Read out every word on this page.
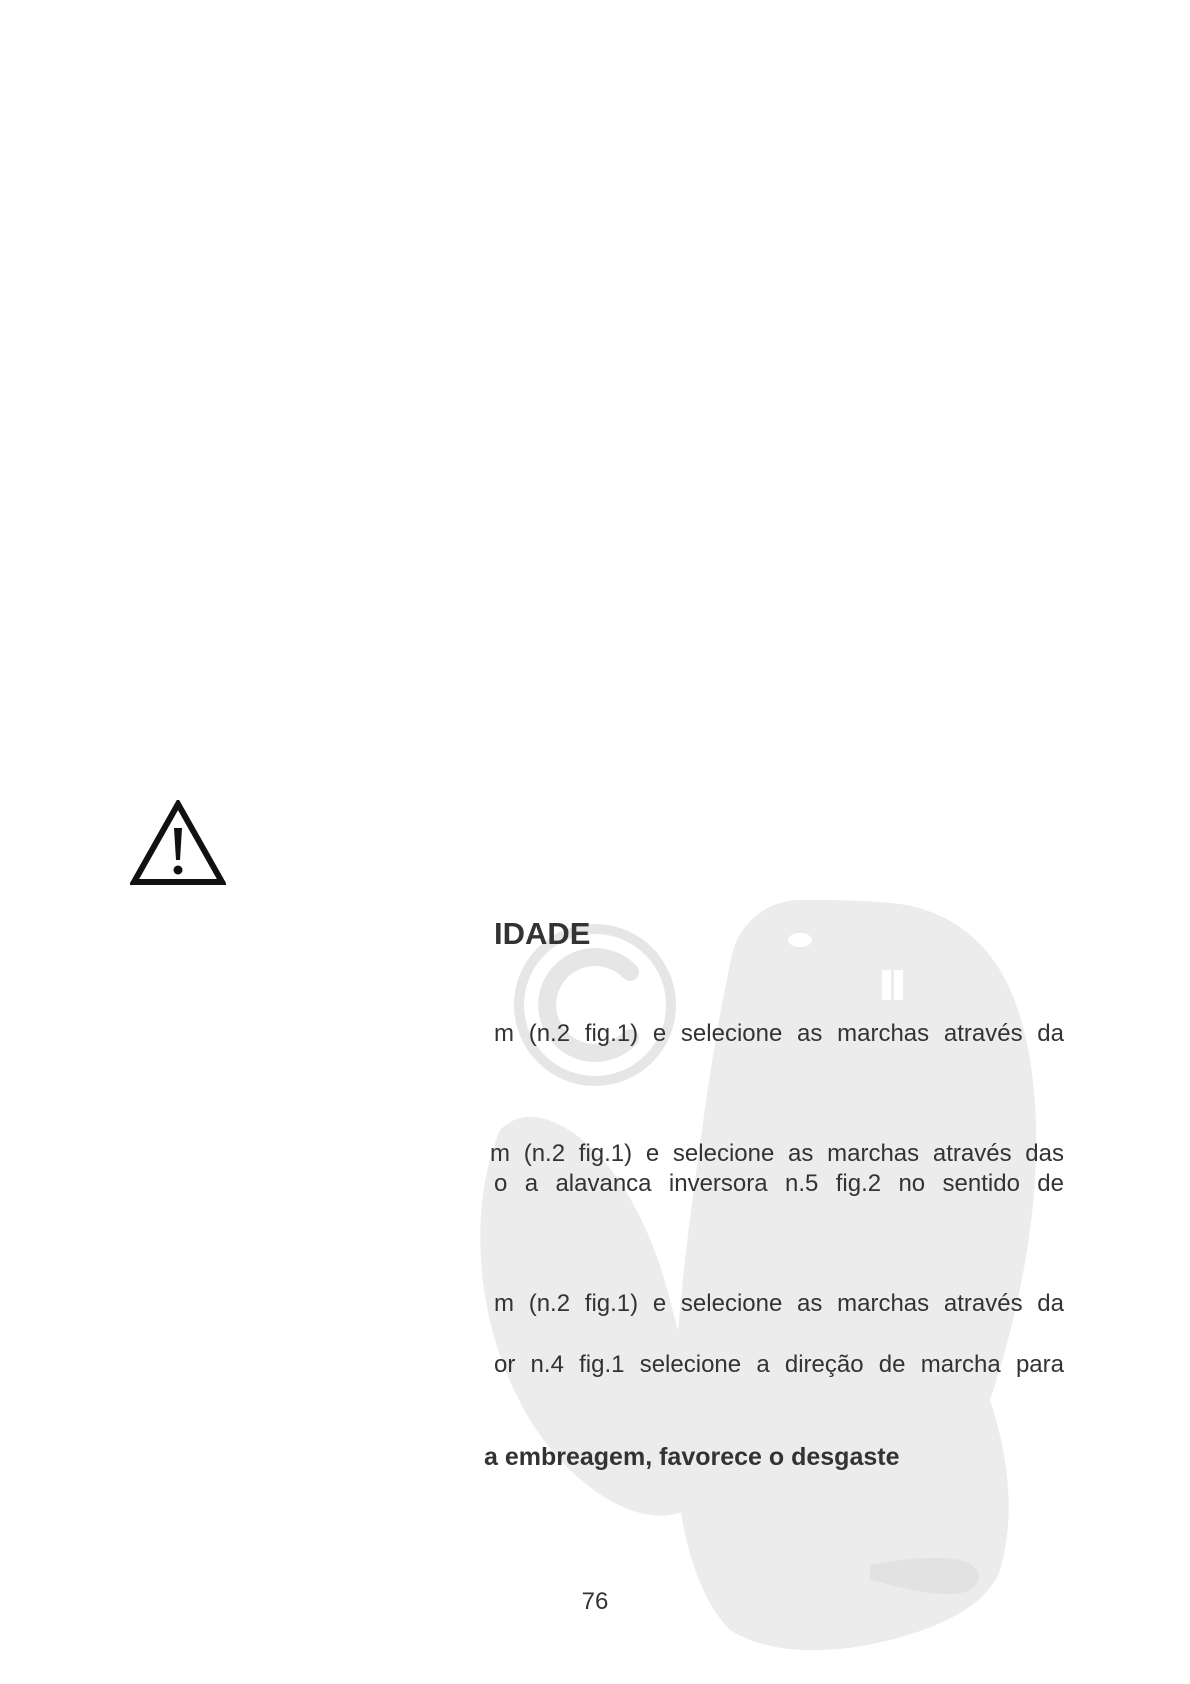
IDADE

m (n.2 fig.1) e selecione as marchas através da

m (n.2 fig.1) e selecione as marchas através das

o a alavanca inversora n.5 fig.2 no sentido de

m (n.2 fig.1) e selecione as marchas através da

or n.4 fig.1 selecione a direção de marcha para

a embreagem, favorece o desgaste

76
